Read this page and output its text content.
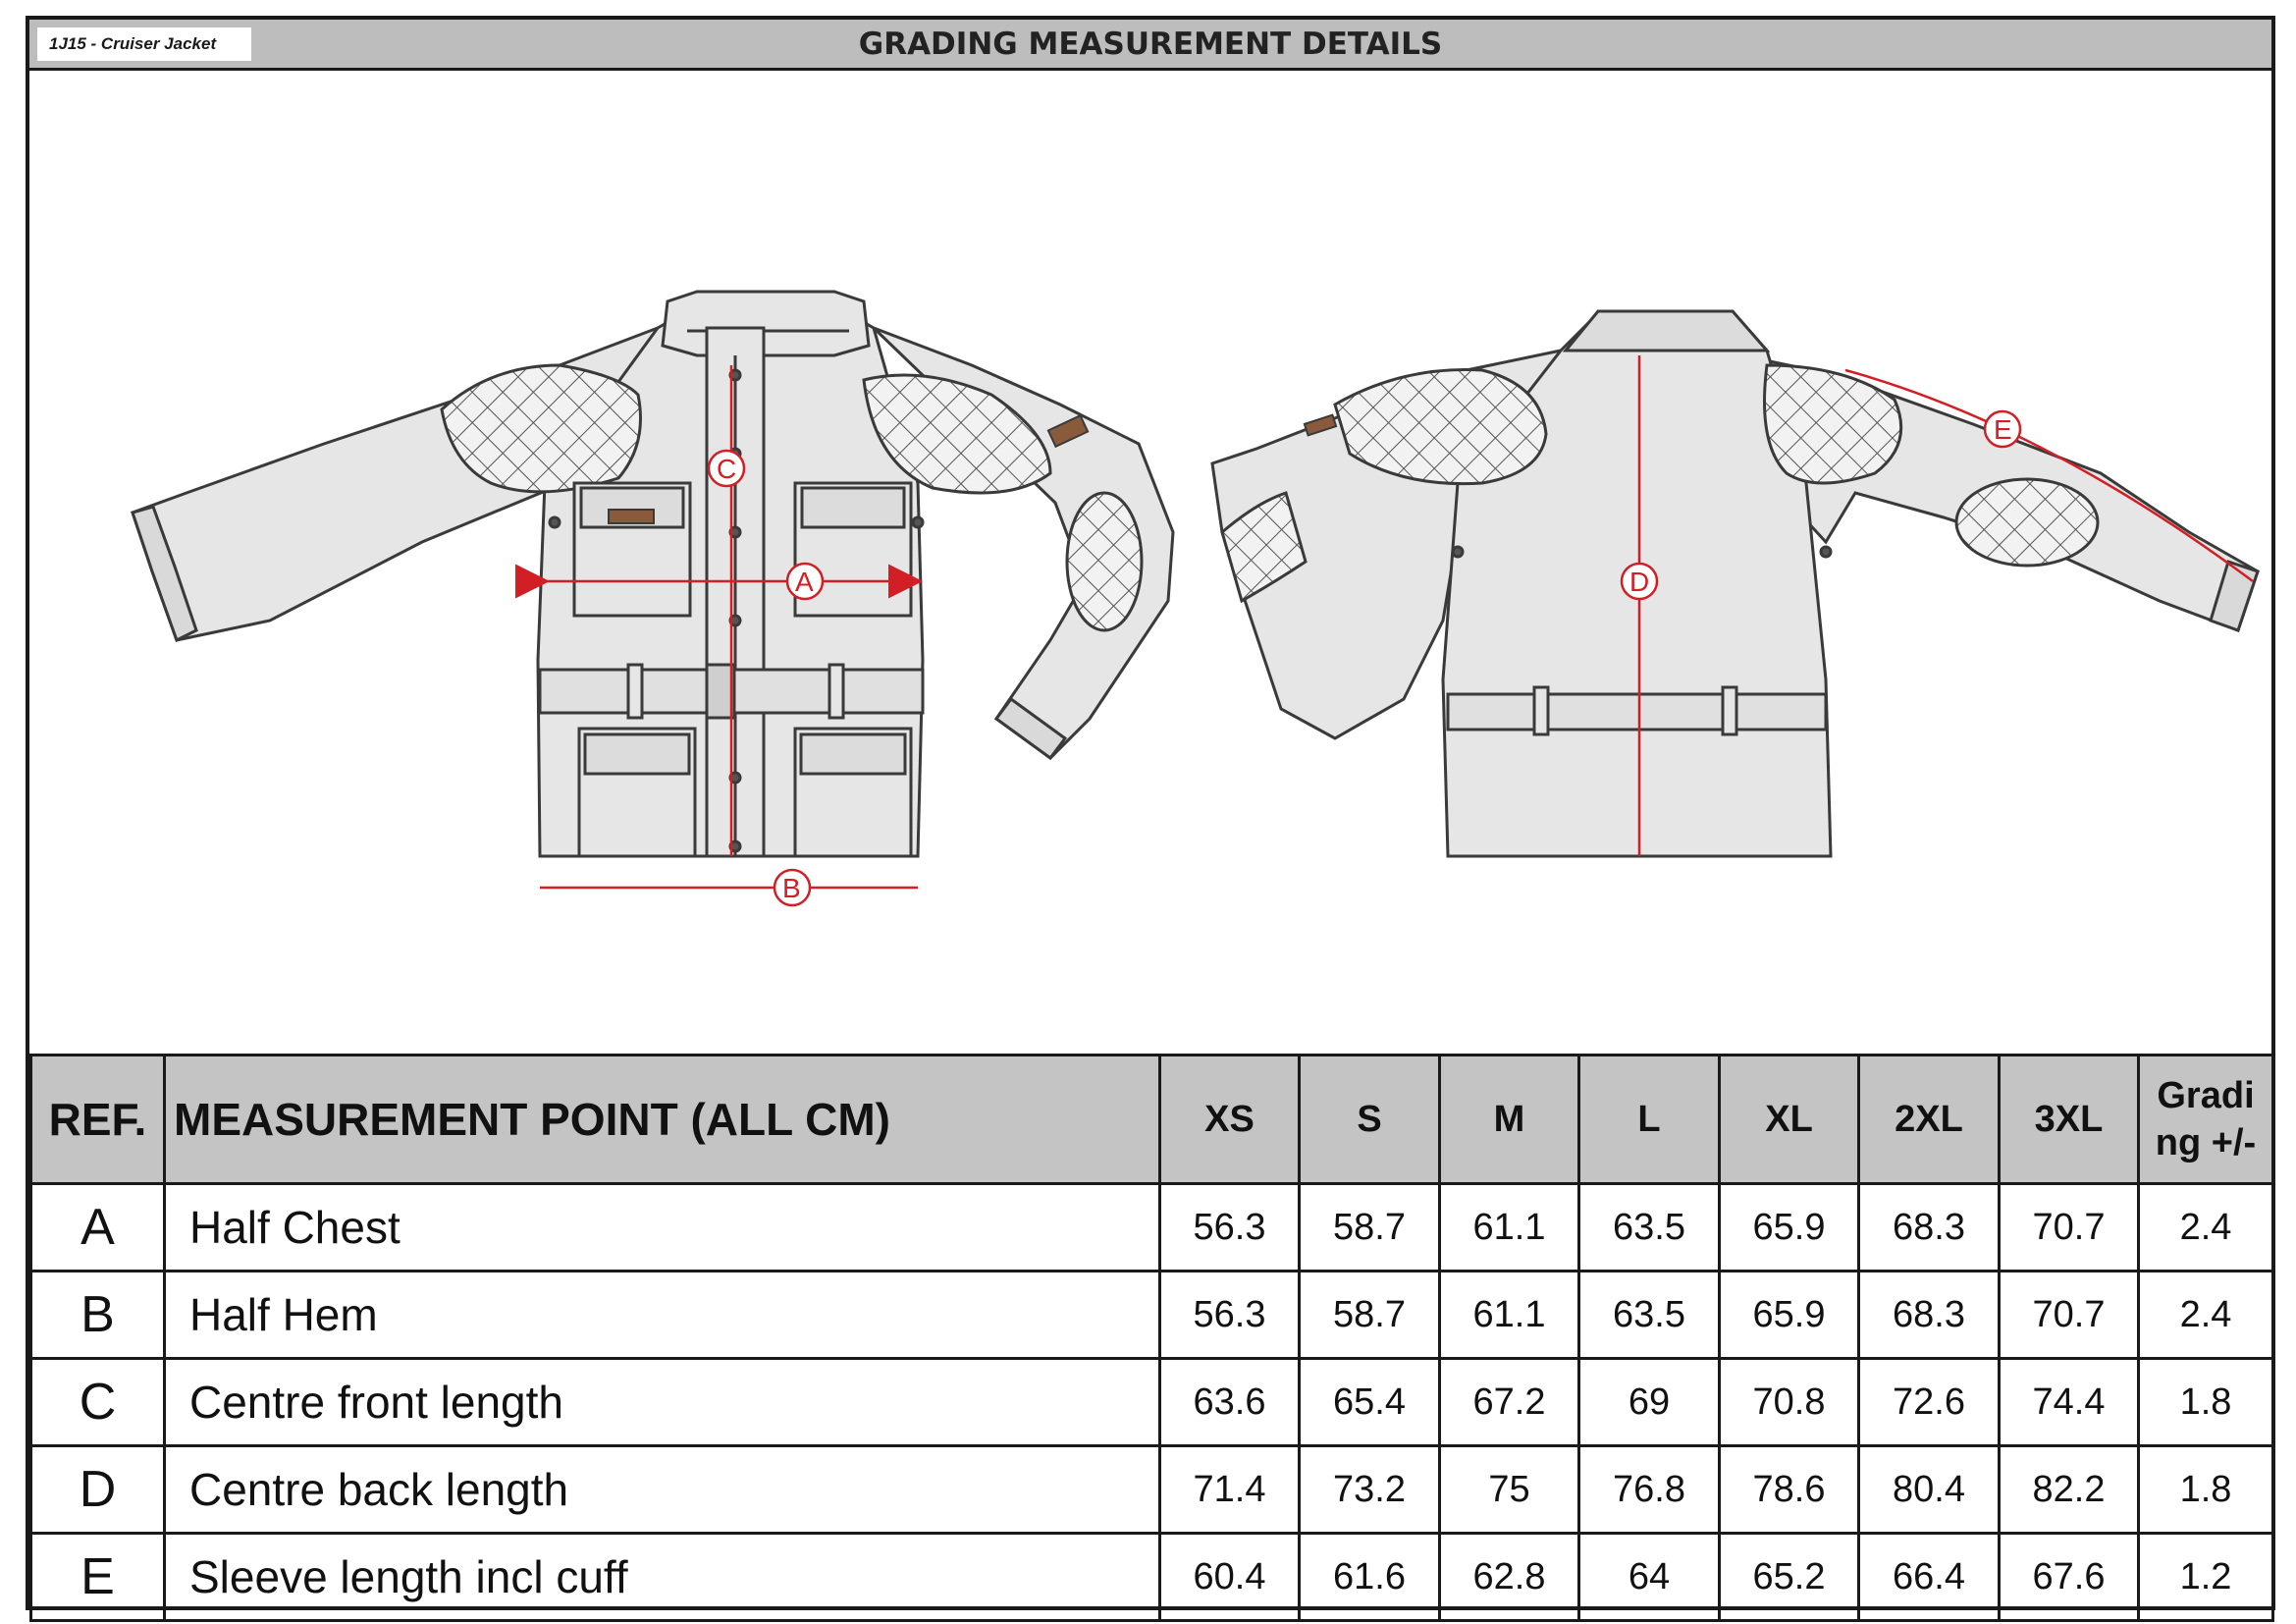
1J15 - Cruiser Jacket	GRADING MEASUREMENT DETAILS
A
B
C
D
E
REF.	MEASUREMENT POINT (ALL CM)	XS	S	M	L	XL	2XL	3XL	Gradi
ng +/-
A	Half Chest	56.3	58.7	61.1	63.5	65.9	68.3	70.7	2.4
B	Half Hem	56.3	58.7	61.1	63.5	65.9	68.3	70.7	2.4
C	Centre front length	63.6	65.4	67.2	69	70.8	72.6	74.4	1.8
D	Centre back length	71.4	73.2	75	76.8	78.6	80.4	82.2	1.8
E	Sleeve length incl cuff	60.4	61.6	62.8	64	65.2	66.4	67.6	1.2
